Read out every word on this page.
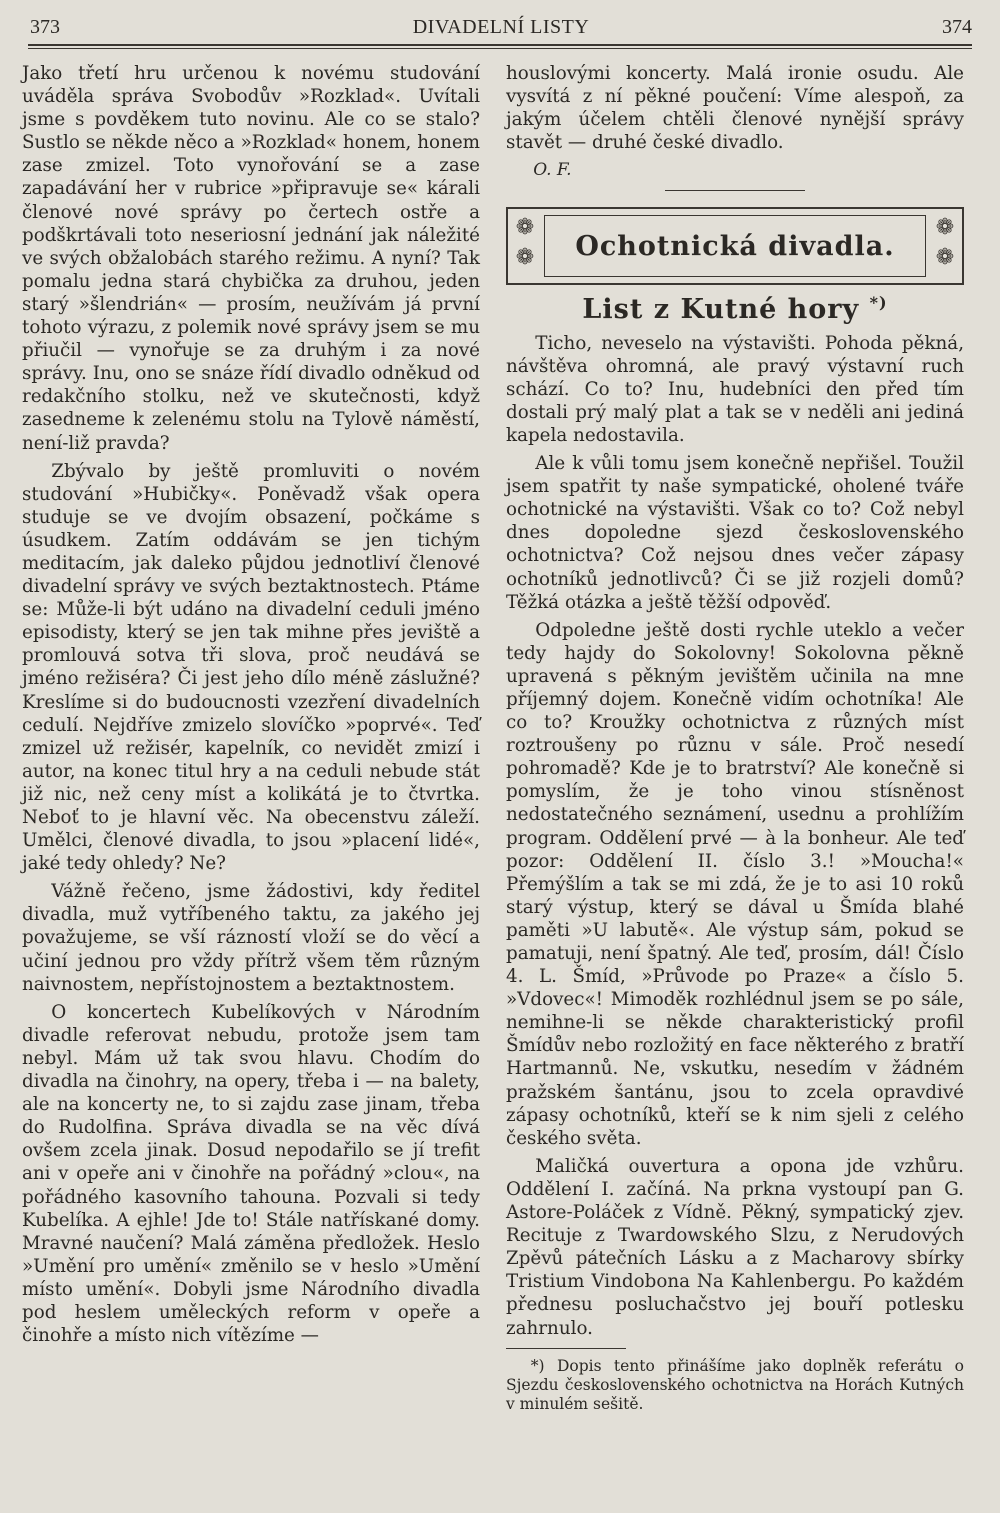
373	DIVADELNÍ LISTY	374

Jako třetí hru určenou k novému studování uváděla správa Svobodův »Rozklad«. Uvítali jsme s povděkem tuto novinu. Ale co se stalo? Sustlo se někde něco a »Rozklad« honem, honem zase zmizel. Toto vynořování se a zase zapadávání her v rubrice »připravuje se« kárali členové nové správy po čertech ostře a podškrtávali toto neseriosní jednání jak náležité ve svých obžalobách starého režimu. A nyní? Tak pomalu jedna stará chybička za druhou, jeden starý »šlendrián« — prosím, neužívám já první tohoto výrazu, z polemik nové správy jsem se mu přiučil — vynořuje se za druhým i za nové správy. Inu, ono se snáze řídí divadlo odněkud od redakčního stolku, než ve skutečnosti, když zasedneme k zelenému stolu na Tylově náměstí, není-liž pravda?

Zbývalo by ještě promluviti o novém studování »Hubičky«. Poněvadž však opera studuje se ve dvojím obsazení, počkáme s úsudkem. Zatím oddávám se jen tichým meditacím, jak daleko půjdou jednotliví členové divadelní správy ve svých beztaktnostech. Ptáme se: Může-li být udáno na divadelní ceduli jméno episodisty, který se jen tak mihne přes jeviště a promlouvá sotva tři slova, proč neudává se jméno režiséra? Či jest jeho dílo méně záslužné? Kreslíme si do budoucnosti vzezření divadelních cedulí. Nejdříve zmizelo slovíčko »poprvé«. Teď zmizel už režisér, kapelník, co nevidět zmizí i autor, na konec titul hry a na ceduli nebude stát již nic, než ceny míst a kolikátá je to čtvrtka. Neboť to je hlavní věc. Na obecenstvu záleží. Umělci, členové divadla, to jsou »placení lidé«, jaké tedy ohledy? Ne?

Vážně řečeno, jsme žádostivi, kdy ředitel divadla, muž vytříbeného taktu, za jakého jej považujeme, se vší rázností vloží se do věcí a učiní jednou pro vždy přítrž všem těm různým naivnostem, nepřístojnostem a beztaktnostem.

O koncertech Kubelíkových v Národním divadle referovat nebudu, protože jsem tam nebyl. Mám už tak svou hlavu. Chodím do divadla na činohry, na opery, třeba i — na balety, ale na koncerty ne, to si zajdu zase jinam, třeba do Rudolfina. Správa divadla se na věc dívá ovšem zcela jinak. Dosud nepodařilo se jí trefit ani v opeře ani v činohře na pořádný »clou«, na pořádného kasovního tahouna. Pozvali si tedy Kubelíka. A ejhle! Jde to! Stále natřískané domy. Mravné naučení? Malá záměna předložek. Heslo »Umění pro umění« změnilo se v heslo »Umění místo umění«. Dobyli jsme Národního divadla pod heslem uměleckých reform v opeře a činohře a místo nich vítězíme —

houslovými koncerty. Malá ironie osudu. Ale vysvítá z ní pěkné poučení: Víme alespoň, za jakým účelem chtěli členové nynější správy stavět — druhé české divadlo.

O. F.

❁
❁
❁
❁
Ochotnická divadla.
List z Kutné hory *)

Ticho, neveselo na výstavišti. Pohoda pěkná, návštěva ohromná, ale pravý výstavní ruch schází. Co to? Inu, hudebníci den před tím dostali prý malý plat a tak se v neděli ani jediná kapela nedostavila.

Ale k vůli tomu jsem konečně nepřišel. Toužil jsem spatřit ty naše sympatické, oholené tváře ochotnické na výstavišti. Však co to? Což nebyl dnes dopoledne sjezd československého ochotnictva? Což nejsou dnes večer zápasy ochotníků jednotlivců? Či se již rozjeli domů? Těžká otázka a ještě těžší odpověď.

Odpoledne ještě dosti rychle uteklo a večer tedy hajdy do Sokolovny! Sokolovna pěkně upravená s pěkným jevištěm učinila na mne příjemný dojem. Konečně vidím ochotníka! Ale co to? Kroužky ochotnictva z různých míst roztroušeny po různu v sále. Proč nesedí pohromadě? Kde je to bratrství? Ale konečně si pomyslím, že je toho vinou stísněnost nedostatečného seznámení, usednu a prohlížím program. Oddělení prvé — à la bonheur. Ale teď pozor: Oddělení II. číslo 3.! »Moucha!« Přemýšlím a tak se mi zdá, že je to asi 10 roků starý výstup, který se dával u Šmída blahé paměti »U labutě«. Ale výstup sám, pokud se pamatuji, není špatný. Ale teď, prosím, dál! Číslo 4. L. Šmíd, »Průvode po Praze« a číslo 5. »Vdovec«! Mimoděk rozhlédnul jsem se po sále, nemihne-li se někde charakteristický profil Šmídův nebo rozložitý en face některého z bratří Hartmannů. Ne, vskutku, nesedím v žádném pražském šantánu, jsou to zcela opravdivé zápasy ochotníků, kteří se k nim sjeli z celého českého světa.

Maličká ouvertura a opona jde vzhůru. Oddělení I. začíná. Na prkna vystoupí pan G. Astore-Poláček z Vídně. Pěkný, sympatický zjev. Recituje z Twardowského Slzu, z Nerudových Zpěvů pátečních Lásku a z Macharovy sbírky Tristium Vindobona Na Kahlenbergu. Po každém přednesu posluchačstvo jej bouří potlesku zahrnulo.

*) Dopis tento přinášíme jako doplněk referátu o Sjezdu československého ochotnictva na Horách Kutných v minulém sešitě.
